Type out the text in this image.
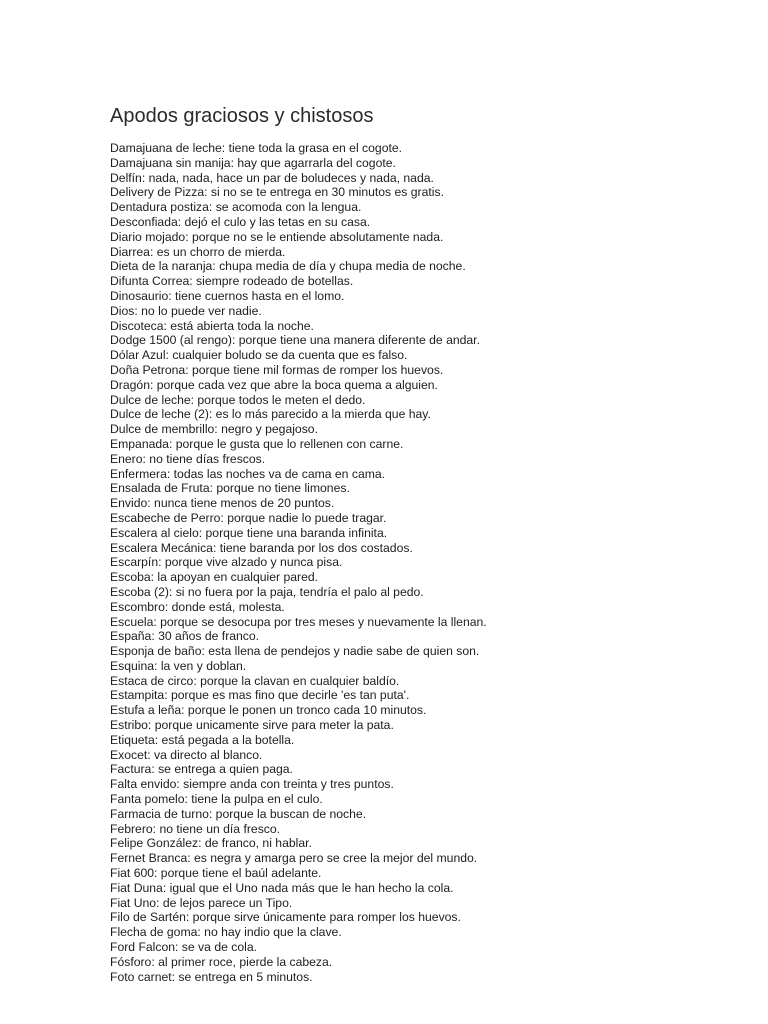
Apodos graciosos y chistosos
Damajuana de leche: tiene toda la grasa en el cogote.
Damajuana sin manija: hay que agarrarla del cogote.
Delfín: nada, nada, hace un par de boludeces y nada, nada.
Delivery de Pizza: si no se te entrega en 30 minutos es gratis.
Dentadura postiza: se acomoda con la lengua.
Desconfiada: dejó el culo y las tetas en su casa.
Diario mojado: porque no se le entiende absolutamente nada.
Diarrea: es un chorro de mierda.
Dieta de la naranja: chupa media de día y chupa media de noche.
Difunta Correa: siempre rodeado de botellas.
Dinosaurio: tiene cuernos hasta en el lomo.
Dios: no lo puede ver nadie.
Discoteca: está abierta toda la noche.
Dodge 1500 (al rengo): porque tiene una manera diferente de andar.
Dólar Azul: cualquier boludo se da cuenta que es falso.
Doña Petrona: porque tiene mil formas de romper los huevos.
Dragón: porque cada vez que abre la boca quema a alguien.
Dulce de leche: porque todos le meten el dedo.
Dulce de leche (2): es lo más parecido a la mierda que hay.
Dulce de membrillo: negro y pegajoso.
Empanada: porque le gusta que lo rellenen con carne.
Enero: no tiene días frescos.
Enfermera: todas las noches va de cama en cama.
Ensalada de Fruta: porque no tiene limones.
Envido: nunca tiene menos de 20 puntos.
Escabeche de Perro: porque nadie lo puede tragar.
Escalera al cielo: porque tiene una baranda infinita.
Escalera Mecánica: tiene baranda por los dos costados.
Escarpín: porque vive alzado y nunca pisa.
Escoba: la apoyan en cualquier pared.
Escoba (2): si no fuera por la paja, tendría el palo al pedo.
Escombro: donde está, molesta.
Escuela: porque se desocupa por tres meses y nuevamente la llenan.
España: 30 años de franco.
Esponja de baño: esta llena de pendejos y nadie sabe de quien son.
Esquina: la ven y doblan.
Estaca de circo: porque la clavan en cualquier baldío.
Estampita: porque es mas fino que decirle 'es tan puta'.
Estufa a leña: porque le ponen un tronco cada 10 minutos.
Estribo: porque unicamente sirve para meter la pata.
Etiqueta: está pegada a la botella.
Exocet: va directo al blanco.
Factura: se entrega a quien paga.
Falta envido: siempre anda con treinta y tres puntos.
Fanta pomelo: tiene la pulpa en el culo.
Farmacia de turno: porque la buscan de noche.
Febrero: no tiene un día fresco.
Felipe González: de franco, ni hablar.
Fernet Branca: es negra y amarga pero se cree la mejor del mundo.
Fiat 600: porque tiene el baúl adelante.
Fiat Duna: igual que el Uno nada más que le han hecho la cola.
Fiat Uno: de lejos parece un Tipo.
Filo de Sartén: porque sirve únicamente para romper los huevos.
Flecha de goma: no hay indio que la clave.
Ford Falcon: se va de cola.
Fósforo: al primer roce, pierde la cabeza.
Foto carnet: se entrega en 5 minutos.
